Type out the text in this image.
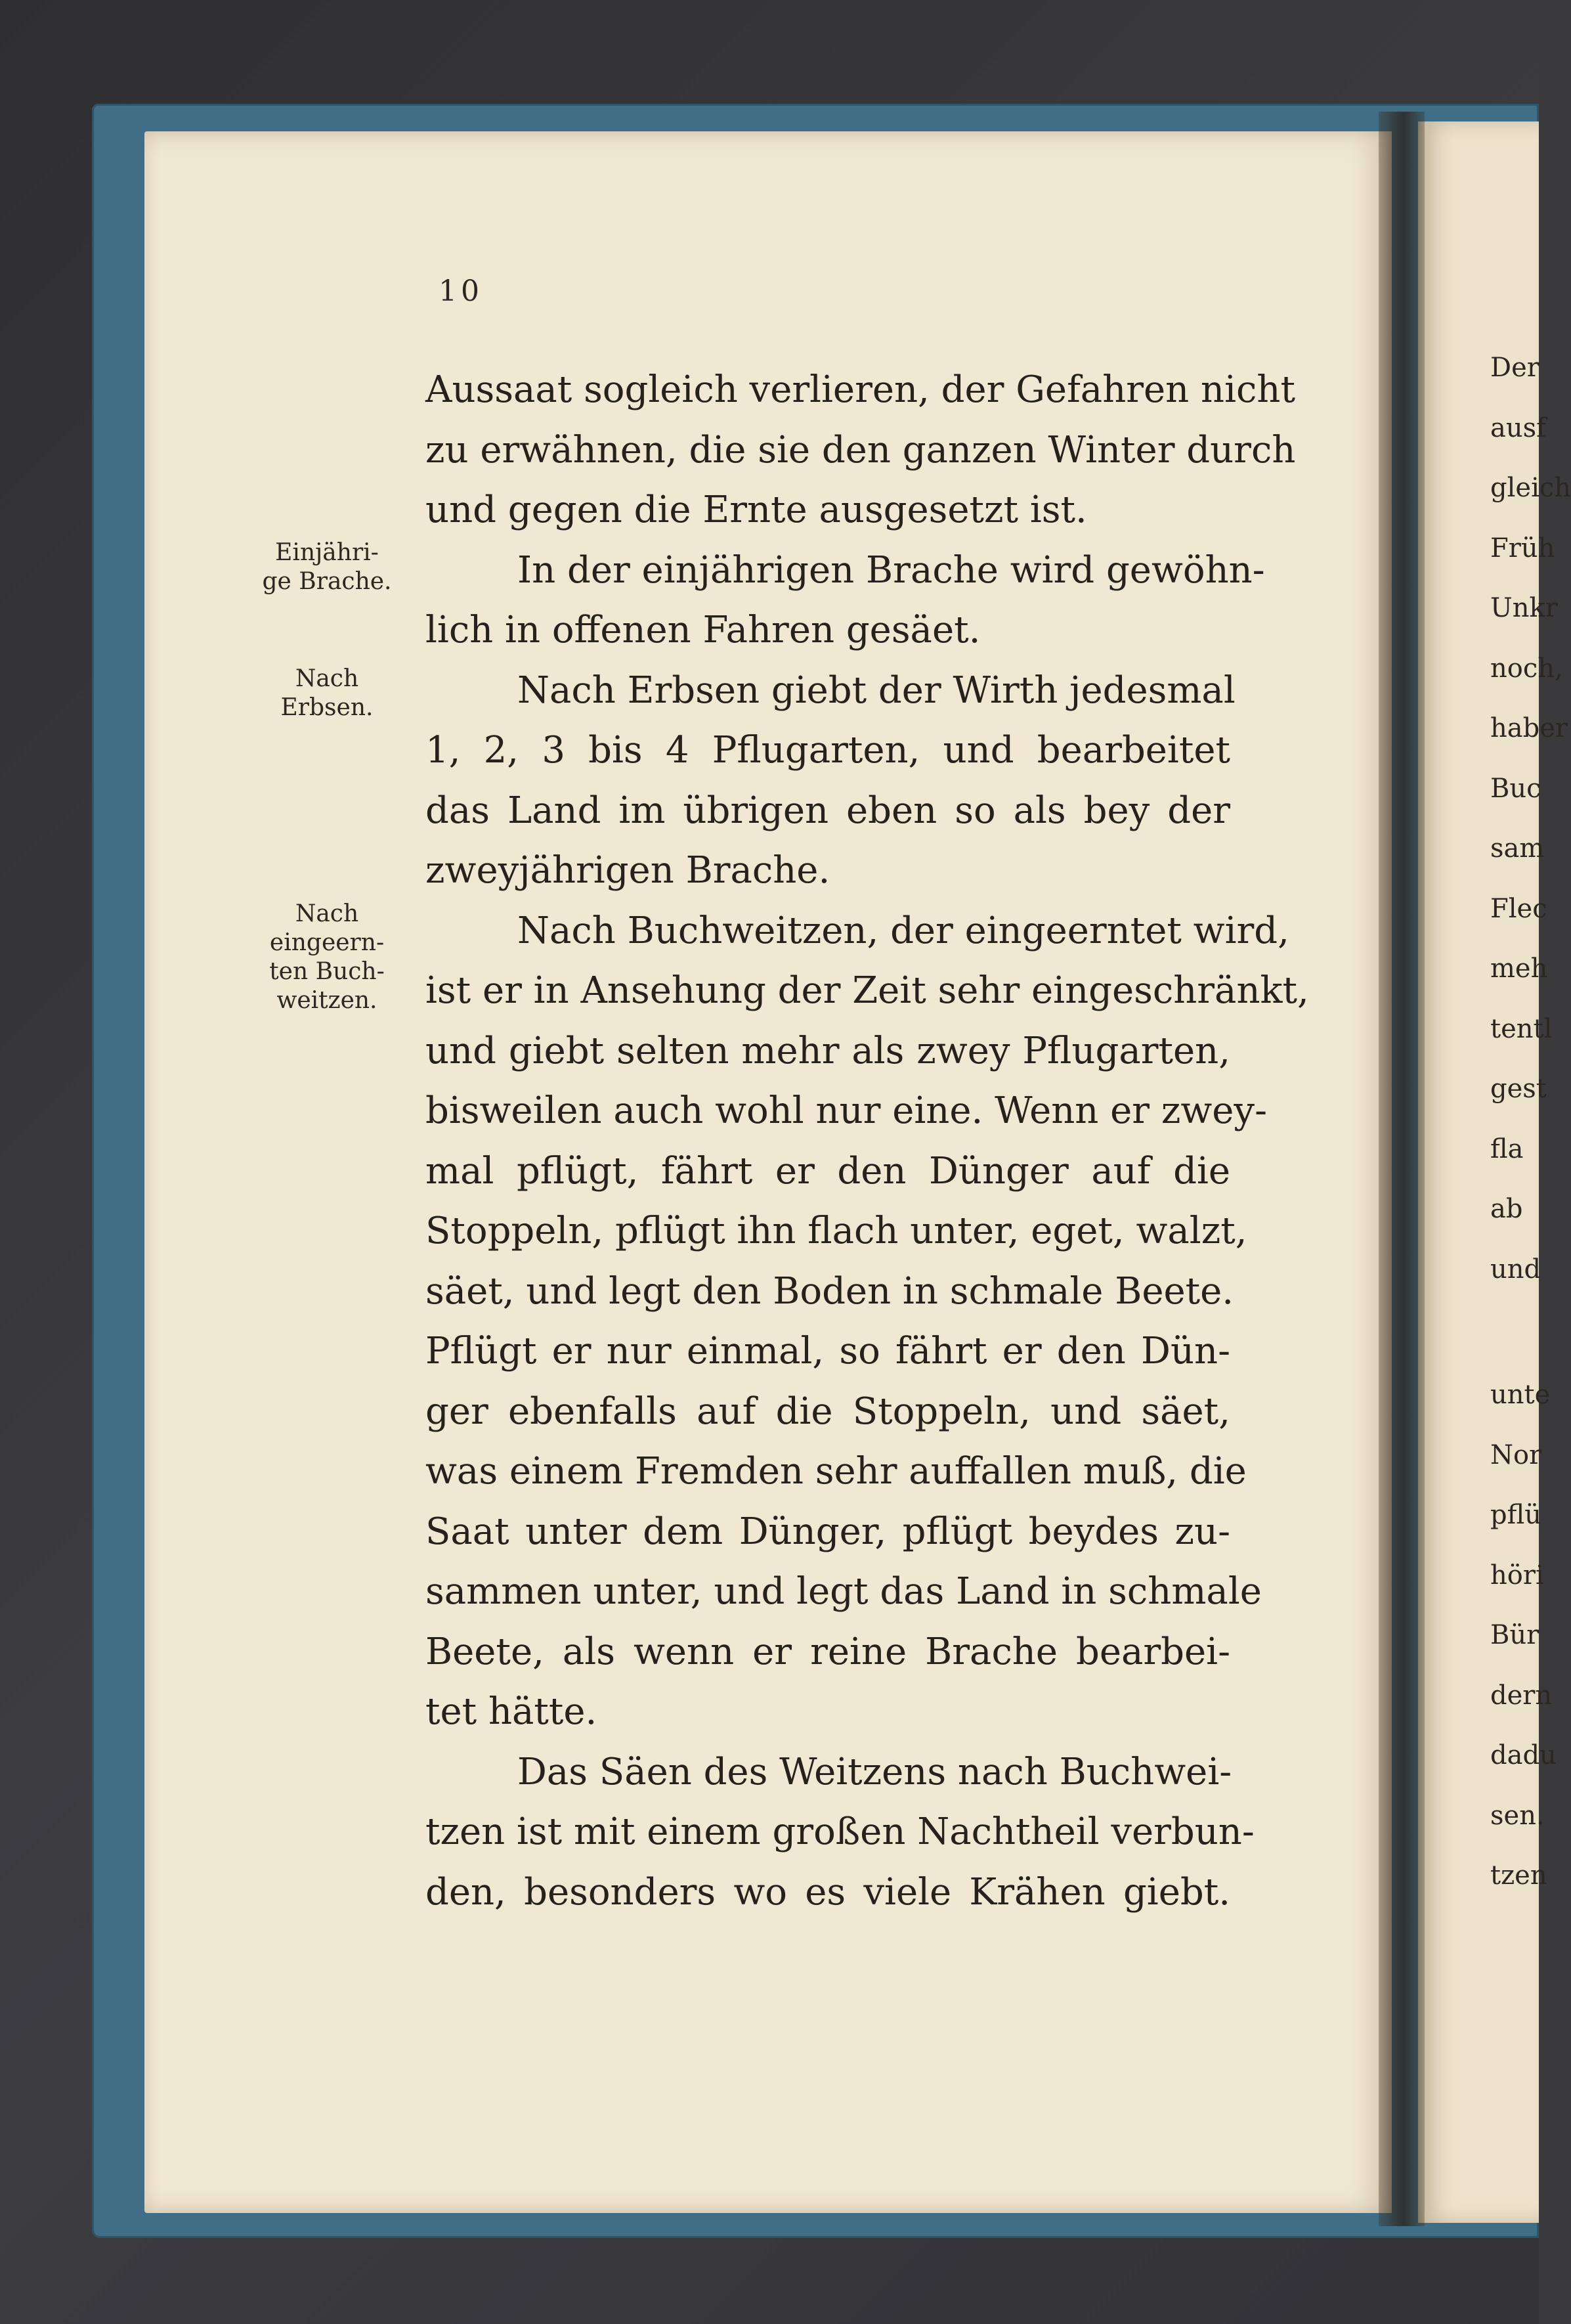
10
Aussaat sogleich verlieren, der Gefahren nicht
zu erwähnen, die sie den ganzen Winter durch
und gegen die Ernte ausgesetzt ist.
In der einjährigen Brache wird gewöhn-
lich in offenen Fahren gesäet.
Nach Erbsen giebt der Wirth jedesmal
1, 2, 3 bis 4 Pflugarten, und bearbeitet
das Land im übrigen eben so als bey der
zweyjährigen Brache.
Nach Buchweitzen, der eingeerntet wird,
ist er in Ansehung der Zeit sehr eingeschränkt,
und giebt selten mehr als zwey Pflugarten,
bisweilen auch wohl nur eine. Wenn er zwey-
mal pflügt, fährt er den Dünger auf die
Stoppeln, pflügt ihn flach unter, eget, walzt,
säet, und legt den Boden in schmale Beete.
Pflügt er nur einmal, so fährt er den Dün-
ger ebenfalls auf die Stoppeln, und säet,
was einem Fremden sehr auffallen muß, die
Saat unter dem Dünger, pflügt beydes zu-
sammen unter, und legt das Land in schmale
Beete, als wenn er reine Brache bearbei-
tet hätte.
Das Säen des Weitzens nach Buchwei-
tzen ist mit einem großen Nachtheil verbun-
den, besonders wo es viele Krähen giebt.
Einjähri-
ge Brache.
Nach
Erbsen.
Nach
eingeern-
ten Buch-
weitzen.
Der
ausf
gleich
Früh
Unkr
noch,
haber
Buc
sam
Flec
meh
tentl
gest
fla
ab
und
unte
Nor
pflü
höri
Bür
dern
dadu
sen.
tzen
